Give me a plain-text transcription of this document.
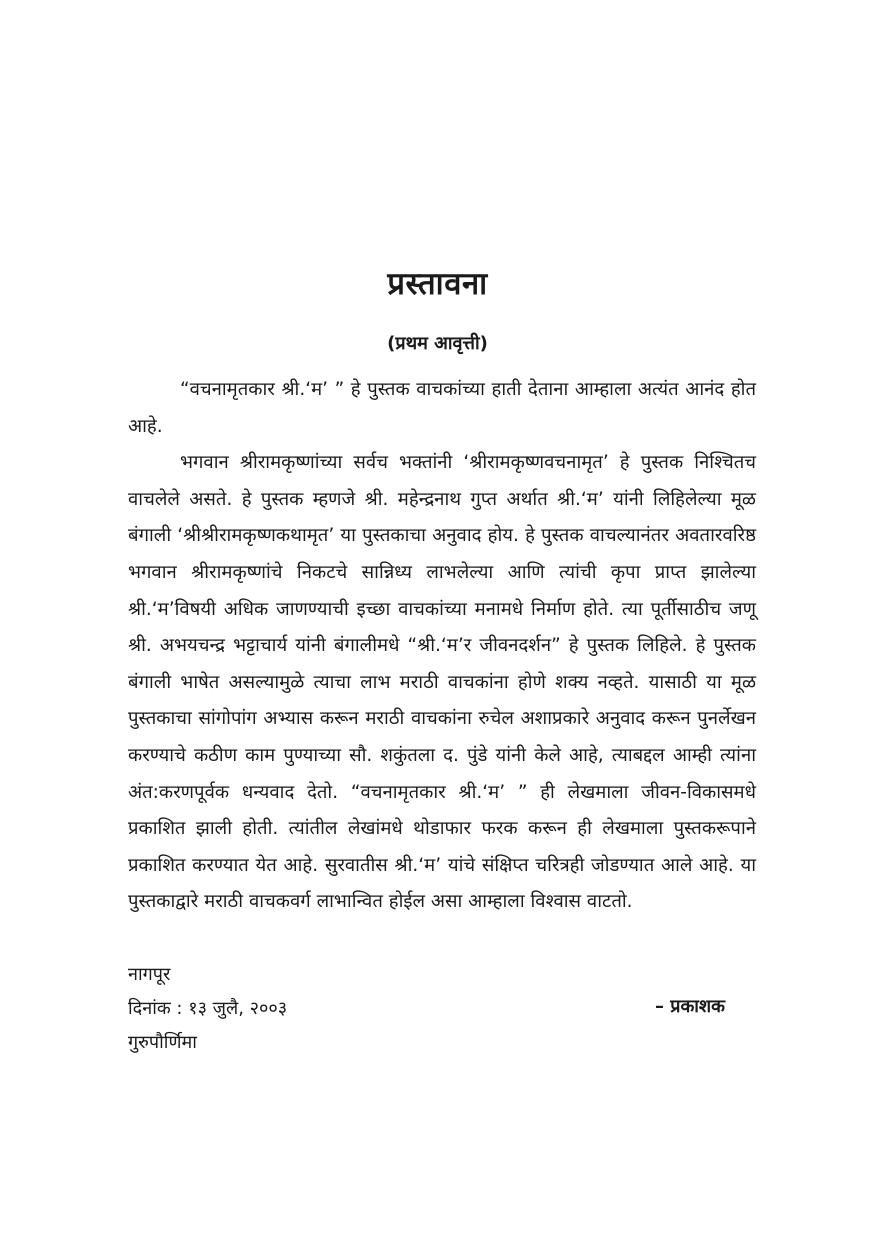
प्रस्तावना
(प्रथम आवृत्ती)

“वचनामृतकार श्री.‘म’ ” हे पुस्तक वाचकांच्या हाती देताना आम्हाला अत्यंत आनंद होत आहे.

भगवान श्रीरामकृष्णांच्या सर्वच भक्तांनी ‘श्रीरामकृष्णवचनामृत’ हे पुस्तक निश्चितच वाचलेले असते. हे पुस्तक म्हणजे श्री. महेन्द्रनाथ गुप्त अर्थात श्री.‘म’ यांनी लिहिलेल्या मूळ बंगाली ‘श्रीश्रीरामकृष्णकथामृत’ या पुस्तकाचा अनुवाद होय. हे पुस्तक वाचल्यानंतर अवतारवरिष्ठ भगवान श्रीरामकृष्णांचे निकटचे सान्निध्य लाभलेल्या आणि त्यांची कृपा प्राप्त झालेल्या श्री.‘म’विषयी अधिक जाणण्याची इच्छा वाचकांच्या मनामधे निर्माण होते. त्या पूर्तीसाठीच जणू श्री. अभयचन्द्र भट्टाचार्य यांनी बंगालीमधे “श्री.‘म’र जीवनदर्शन” हे पुस्तक लिहिले. हे पुस्तक बंगाली भाषेत असल्यामुळे त्याचा लाभ मराठी वाचकांना होणे शक्य नव्हते. यासाठी या मूळ पुस्तकाचा सांगोपांग अभ्यास करून मराठी वाचकांना रुचेल अशाप्रकारे अनुवाद करून पुनर्लेखन करण्याचे कठीण काम पुण्याच्या सौ. शकुंतला द. पुंडे यांनी केले आहे, त्याबद्दल आम्ही त्यांना अंत:करणपूर्वक धन्यवाद देतो. “वचनामृतकार श्री.‘म’ ” ही लेखमाला जीवन-विकासमधे प्रकाशित झाली होती. त्यांतील लेखांमधे थोडाफार फरक करून ही लेखमाला पुस्तकरूपाने प्रकाशित करण्यात येत आहे. सुरवातीस श्री.‘म’ यांचे संक्षिप्त चरित्रही जोडण्यात आले आहे. या पुस्तकाद्वारे मराठी वाचकवर्ग लाभान्वित होईल असा आम्हाला विश्वास वाटतो.

नागपूर
दिनांक : १३ जुलै, २००३
गुरुपौर्णिमा
– प्रकाशक
